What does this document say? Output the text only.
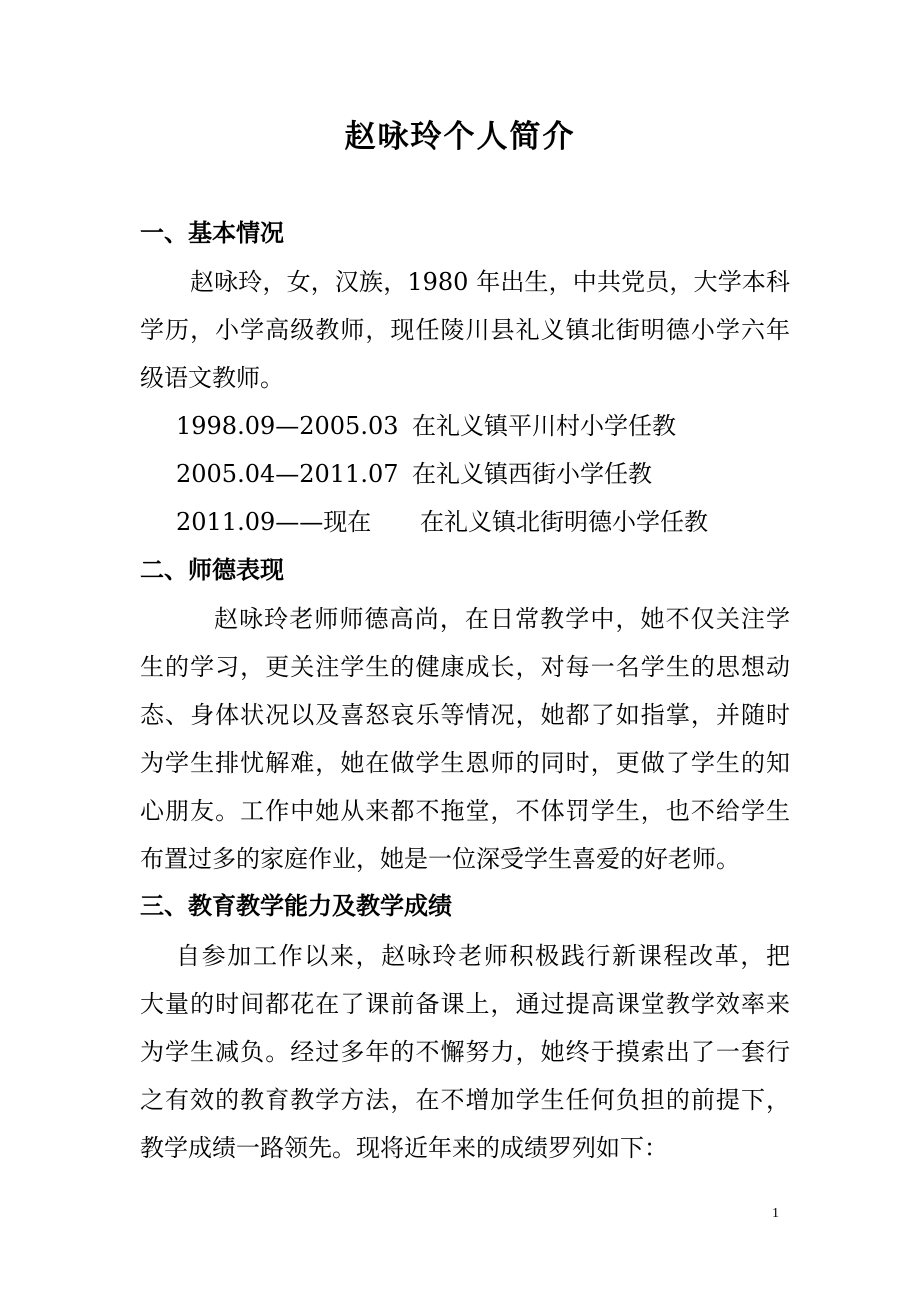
赵咏玲个人简介
一、基本情况
赵咏玲，女，汉族，1980 年出生，中共党员，大学本科
学历，小学高级教师，现任陵川县礼义镇北街明德小学六年
级语文教师。
1998.09—2005.03 在礼义镇平川村小学任教
2005.04—2011.07 在礼义镇西街小学任教
2011.09——现在 在礼义镇北街明德小学任教
二、师德表现
赵咏玲老师师德高尚，在日常教学中，她不仅关注学
生的学习，更关注学生的健康成长，对每一名学生的思想动
态、身体状况以及喜怒哀乐等情况，她都了如指掌，并随时
为学生排忧解难，她在做学生恩师的同时，更做了学生的知
心朋友。工作中她从来都不拖堂，不体罚学生，也不给学生
布置过多的家庭作业，她是一位深受学生喜爱的好老师。
三、教育教学能力及教学成绩
自参加工作以来，赵咏玲老师积极践行新课程改革，把
大量的时间都花在了课前备课上，通过提高课堂教学效率来
为学生减负。经过多年的不懈努力，她终于摸索出了一套行
之有效的教育教学方法，在不增加学生任何负担的前提下，
教学成绩一路领先。现将近年来的成绩罗列如下：
1
